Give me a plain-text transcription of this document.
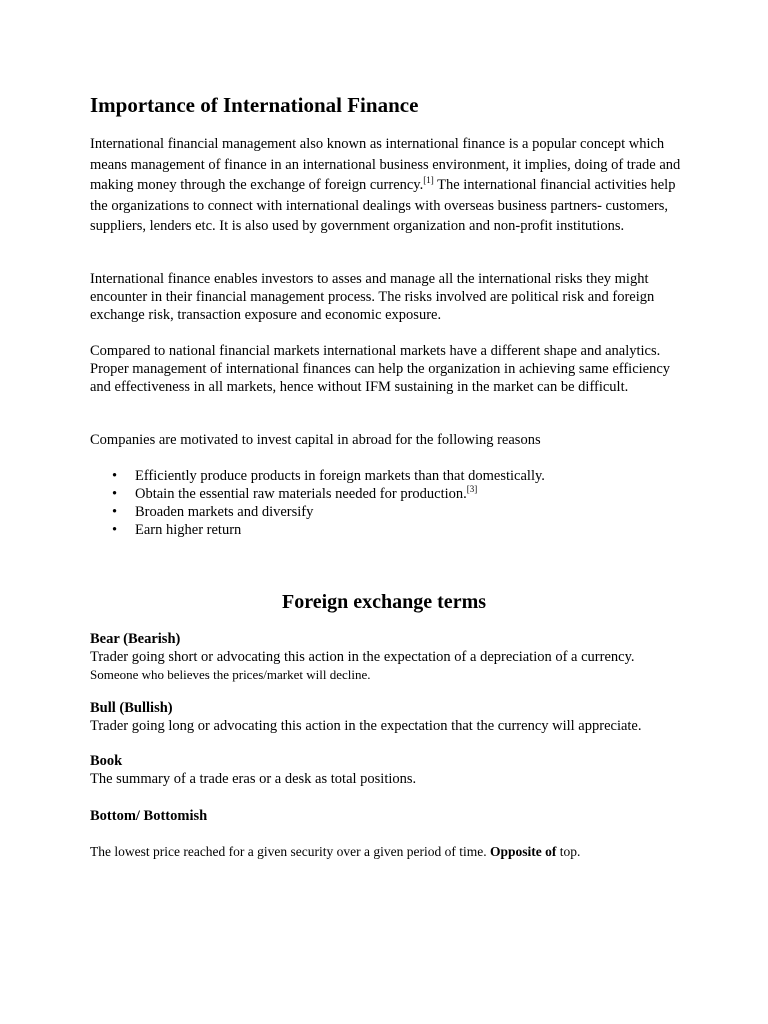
Importance of International Finance

International financial management also known as international finance is a popular concept which means management of finance in an international business environment, it implies, doing of trade and making money through the exchange of foreign currency.[1] The international financial activities help the organizations to connect with international dealings with overseas business partners- customers, suppliers, lenders etc. It is also used by government organization and non-profit institutions.

International finance enables investors to asses and manage all the international risks they might encounter in their financial management process. The risks involved are political risk and foreign exchange risk, transaction exposure and economic exposure.

Compared to national financial markets international markets have a different shape and analytics. Proper management of international finances can help the organization in achieving same efficiency and effectiveness in all markets, hence without IFM sustaining in the market can be difficult.

Companies are motivated to invest capital in abroad for the following reasons

• Efficiently produce products in foreign markets than that domestically.
• Obtain the essential raw materials needed for production.[3]
• Broaden markets and diversify
• Earn higher return
Foreign exchange terms
Bear (Bearish)
Trader going short or advocating this action in the expectation of a depreciation of a currency.
Someone who believes the prices/market will decline.
Bull (Bullish)
Trader going long or advocating this action in the expectation that the currency will appreciate.
Book
The summary of a trade eras or a desk as total positions.
Bottom/ Bottomish
The lowest price reached for a given security over a given period of time. Opposite of top.
